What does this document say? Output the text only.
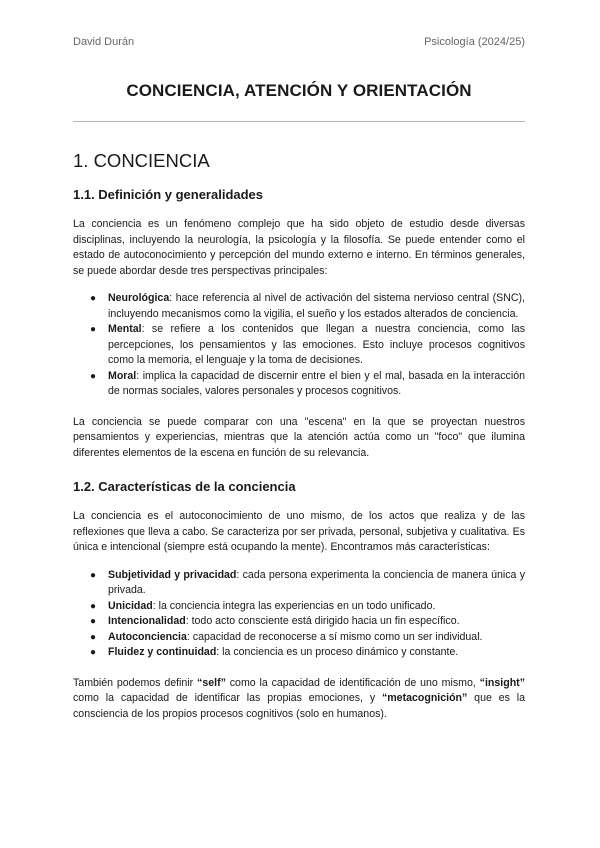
David Durán	Psicología (2024/25)
CONCIENCIA, ATENCIÓN Y ORIENTACIÓN
1. CONCIENCIA
1.1. Definición y generalidades

La conciencia es un fenómeno complejo que ha sido objeto de estudio desde diversas disciplinas, incluyendo la neurología, la psicología y la filosofía. Se puede entender como el estado de autoconocimiento y percepción del mundo externo e interno. En términos generales, se puede abordar desde tres perspectivas principales:

● Neurológica: hace referencia al nivel de activación del sistema nervioso central (SNC), incluyendo mecanismos como la vigilia, el sueño y los estados alterados de conciencia.
● Mental: se refiere a los contenidos que llegan a nuestra conciencia, como las percepciones, los pensamientos y las emociones. Esto incluye procesos cognitivos como la memoria, el lenguaje y la toma de decisiones.
● Moral: implica la capacidad de discernir entre el bien y el mal, basada en la interacción de normas sociales, valores personales y procesos cognitivos.

La conciencia se puede comparar con una "escena" en la que se proyectan nuestros pensamientos y experiencias, mientras que la atención actúa como un "foco" que ilumina diferentes elementos de la escena en función de su relevancia.

1.2. Características de la conciencia

La conciencia es el autoconocimiento de uno mismo, de los actos que realiza y de las reflexiones que lleva a cabo. Se caracteriza por ser privada, personal, subjetiva y cualitativa. Es única e intencional (siempre está ocupando la mente). Encontramos más características:

● Subjetividad y privacidad: cada persona experimenta la conciencia de manera única y privada.
● Unicidad: la conciencia integra las experiencias en un todo unificado.
● Intencionalidad: todo acto consciente está dirigido hacia un fin específico.
● Autoconciencia: capacidad de reconocerse a sí mismo como un ser individual.
● Fluidez y continuidad: la conciencia es un proceso dinámico y constante.

También podemos definir “self” como la capacidad de identificación de uno mismo, “insight” como la capacidad de identificar las propias emociones, y “metacognición” que es la consciencia de los propios procesos cognitivos (solo en humanos).
